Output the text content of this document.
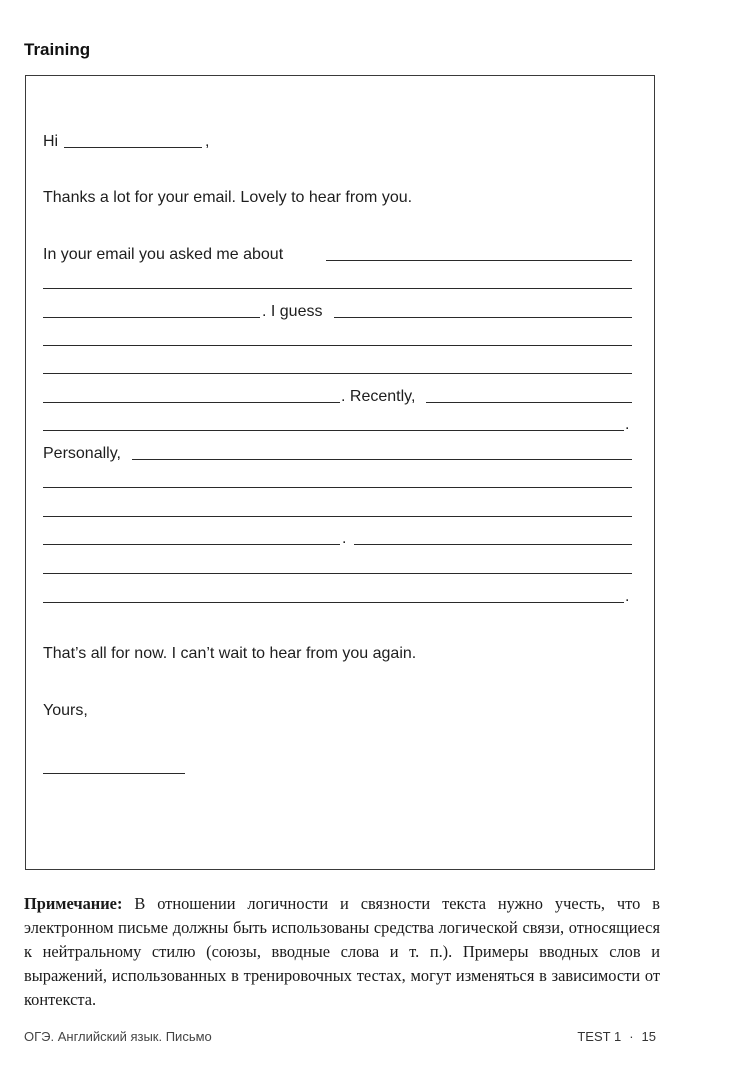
Training
Hi	,
Thanks a lot for your email. Lovely to hear from you.
In your email you asked me about
. I guess
. Recently,
.
Personally,
.
.
That’s all for now. I can’t wait to hear from you again.
Yours,
Примечание: В отношении логичности и связности текста нужно учесть, что в электронном письме должны быть использованы средства логической связи, относящиеся к нейтральному стилю (союзы, вводные слова и т. п.). Примеры вводных слов и выражений, использованных в тренировочных тестах, могут изменяться в зависимости от контекста.
ОГЭ. Английский язык. Письмо	TEST 1 · 15
